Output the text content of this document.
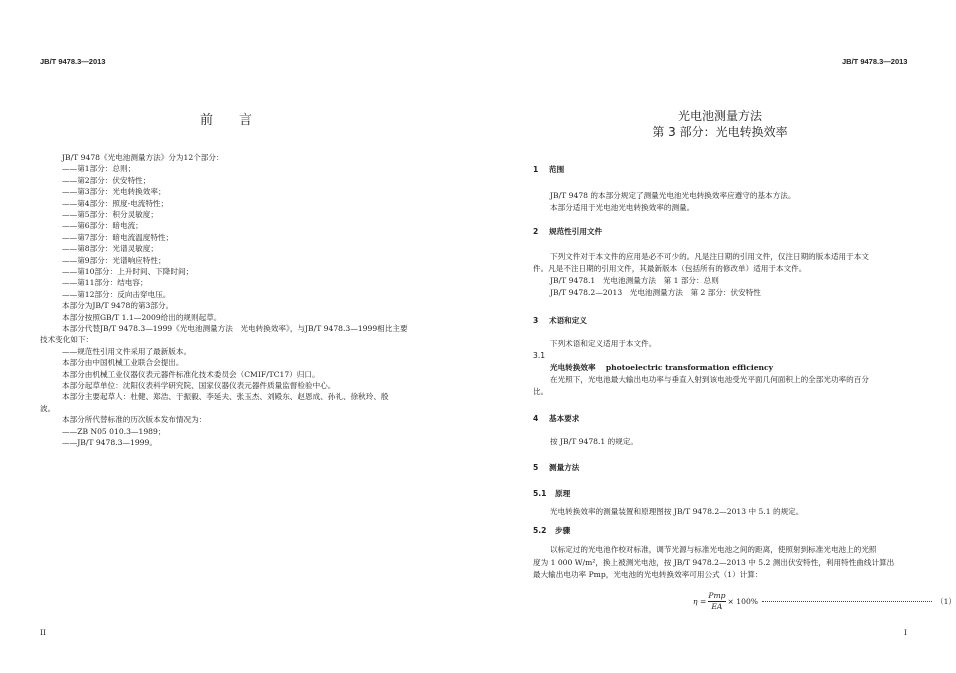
JB/T 9478.3—2013
前　　言
JB/T 9478《光电池测量方法》分为12个部分：
——第1部分：总则；
——第2部分：伏安特性；
——第3部分：光电转换效率；
——第4部分：照度-电流特性；
——第5部分：积分灵敏度；
——第6部分：暗电流；
——第7部分：暗电流温度特性；
——第8部分：光谱灵敏度；
——第9部分：光谱响应特性；
——第10部分：上升时间、下降时间；
——第11部分：结电容；
——第12部分：反向击穿电压。
本部分为JB/T 9478的第3部分。
本部分按照GB/T 1.1—2009给出的规则起草。
本部分代替JB/T 9478.3—1999《光电池测量方法　光电转换效率》，与JB/T 9478.3—1999相比主要
技术变化如下：
——规范性引用文件采用了最新版本。
本部分由中国机械工业联合会提出。
本部分由机械工业仪器仪表元器件标准化技术委员会（CMIF/TC17）归口。
本部分起草单位：沈阳仪表科学研究院、国家仪器仪表元器件质量监督检验中心。
本部分主要起草人：杜健、郑浩、于振毅、李延夫、张玉杰、刘殿东、赵恩成、孙礼、徐秋玲、殷
波。
本部分所代替标准的历次版本发布情况为：
——ZB N05 010.3—1989；
——JB/T 9478.3—1999。
II
JB/T 9478.3—2013
光电池测量方法
第 3 部分：光电转换效率
1 范围
JB/T 9478 的本部分规定了测量光电池光电转换效率应遵守的基本方法。
本部分适用于光电池光电转换效率的测量。
2 规范性引用文件
下列文件对于本文件的应用是必不可少的。凡是注日期的引用文件，仅注日期的版本适用于本文
件。凡是不注日期的引用文件，其最新版本（包括所有的修改单）适用于本文件。
JB/T 9478.1　光电池测量方法　第 1 部分：总则
JB/T 9478.2—2013　光电池测量方法　第 2 部分：伏安特性
3 术语和定义
下列术语和定义适用于本文件。
3.1
光电转换效率　 photoelectric transformation efficiency
在光照下，光电池最大输出电功率与垂直入射到该电池受光平面几何面积上的全部光功率的百分
比。
4 基本要求
按 JB/T 9478.1 的规定。
5 测量方法
5.1 原理
光电转换效率的测量装置和原理图按 JB/T 9478.2—2013 中 5.1 的规定。
5.2 步骤
以标定过的光电池作校对标准，调节光源与标准光电池之间的距离，使照射到标准光电池上的光照
度为 1 000 W/m²，换上被测光电池，按 JB/T 9478.2—2013 中 5.2 测出伏安特性，利用特性曲线计算出
最大输出电功率 Pmp，光电池的光电转换效率可用公式（1）计算：
$\eta = \frac{\text{Pmp}}{EA} \times 100\%$	（1）
I
